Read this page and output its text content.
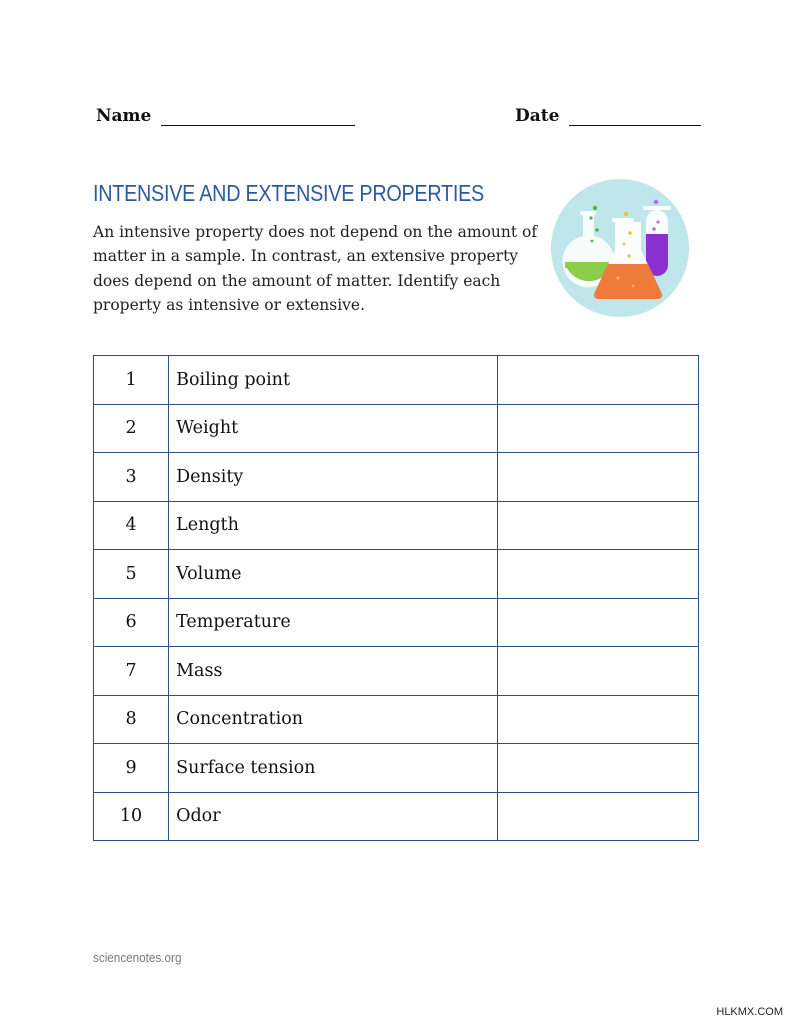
Name	Date
INTENSIVE AND EXTENSIVE PROPERTIES

An intensive property does not depend on the amount of matter in a sample. In contrast, an extensive property does depend on the amount of matter. Identify each property as intensive or extensive.

1	Boiling point	
2	Weight	
3	Density	
4	Length	
5	Volume	
6	Temperature	
7	Mass	
8	Concentration	
9	Surface tension	
10	Odor	
sciencenotes.org
HLKMX.COM
